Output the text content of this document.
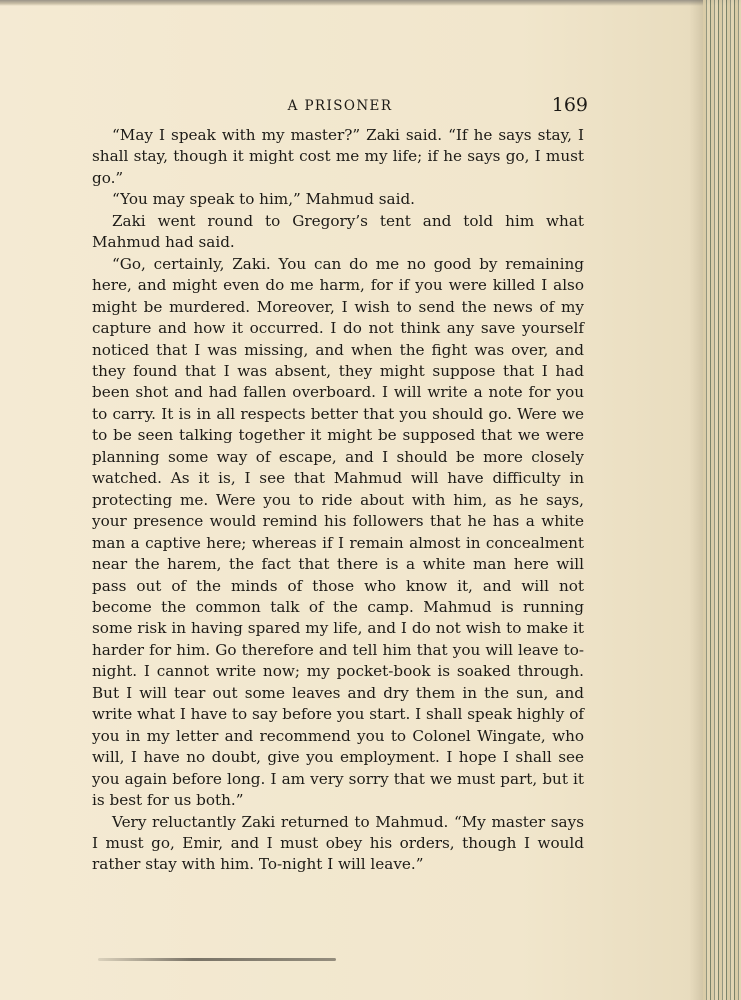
A PRISONER	169

“May I speak with my master?” Zaki said. “If he says stay, I shall stay, though it might cost me my life; if he says go, I must go.”

“You may speak to him,” Mahmud said.

Zaki went round to Gregory’s tent and told him what Mahmud had said.

“Go, certainly, Zaki. You can do me no good by remaining here, and might even do me harm, for if you were killed I also might be murdered. Moreover, I wish to send the news of my capture and how it occurred. I do not think any save yourself noticed that I was missing, and when the fight was over, and they found that I was absent, they might suppose that I had been shot and had fallen overboard. I will write a note for you to carry. It is in all respects better that you should go. Were we to be seen talking together it might be supposed that we were planning some way of escape, and I should be more closely watched. As it is, I see that Mahmud will have difficulty in protecting me. Were you to ride about with him, as he says, your presence would remind his followers that he has a white man a captive here; whereas if I remain almost in concealment near the harem, the fact that there is a white man here will pass out of the minds of those who know it, and will not become the common talk of the camp. Mahmud is running some risk in having spared my life, and I do not wish to make it harder for him. Go therefore and tell him that you will leave to-night. I cannot write now; my pocket-book is soaked through. But I will tear out some leaves and dry them in the sun, and write what I have to say before you start. I shall speak highly of you in my letter and recommend you to Colonel Wingate, who will, I have no doubt, give you employment. I hope I shall see you again before long. I am very sorry that we must part, but it is best for us both.”

Very reluctantly Zaki returned to Mahmud. “My master says I must go, Emir, and I must obey his orders, though I would rather stay with him. To-night I will leave.”
